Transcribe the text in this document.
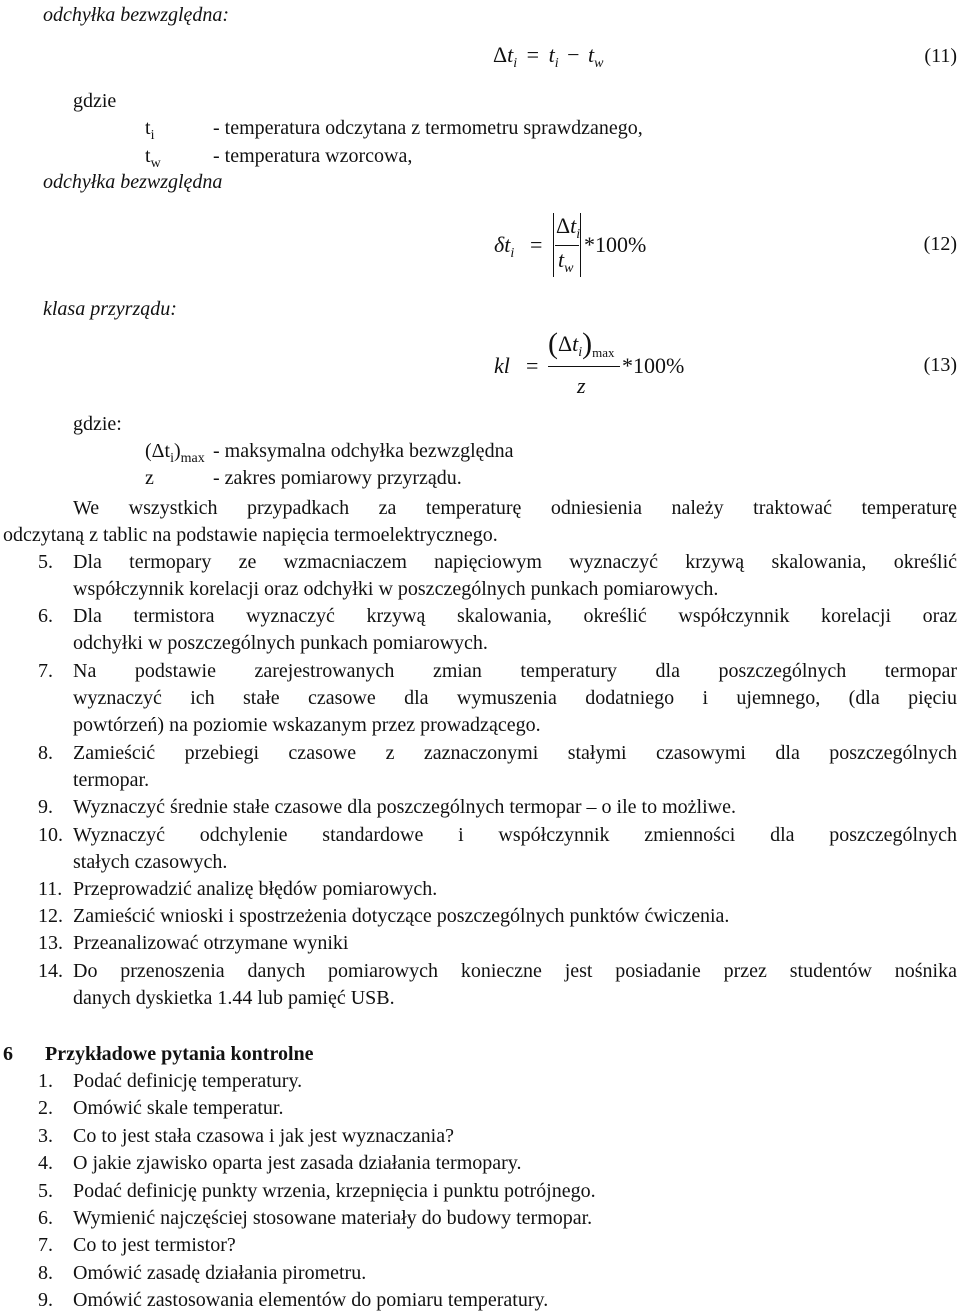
odchyłka bezwzględna:
$\Delta t_i = t_i - t_w$	(11)
gdzie
$t_i$	- temperatura odczytana z termometru sprawdzanego,
$t_w$	- temperatura wzorcowa,
odchyłka bezwzględna
$\delta t_i$ =
$\Delta t_i$
$t_w$
*100%	(12)
klasa przyrządu:
kl =
$(\Delta t_i)_{max}$
z
*100%	(13)
gdzie:
$(\Delta t_i)_{max}$ - maksymalna odchyłka bezwzględna
z	- zakres pomiarowy przyrządu.
We wszystkich przypadkach za temperaturę odniesienia należy traktować temperaturę
odczytaną z tablic na podstawie napięcia termoelektrycznego.
5. Dla termopary ze wzmacniaczem napięciowym wyznaczyć krzywą skalowania, określić
współczynnik korelacji oraz odchyłki w poszczególnych punkach pomiarowych.
6. Dla termistora wyznaczyć krzywą skalowania, określić współczynnik korelacji oraz
odchyłki w poszczególnych punkach pomiarowych.
7. Na podstawie zarejestrowanych zmian temperatury dla poszczególnych termopar
wyznaczyć ich stałe czasowe dla wymuszenia dodatniego i ujemnego, (dla pięciu
powtórzeń) na poziomie wskazanym przez prowadzącego.
8. Zamieścić przebiegi czasowe z zaznaczonymi stałymi czasowymi dla poszczególnych
termopar.
9. Wyznaczyć średnie stałe czasowe dla poszczególnych termopar – o ile to możliwe.
10. Wyznaczyć odchylenie standardowe i współczynnik zmienności dla poszczególnych
stałych czasowych.
11. Przeprowadzić analizę błędów pomiarowych.
12. Zamieścić wnioski i spostrzeżenia dotyczące poszczególnych punktów ćwiczenia.
13. Przeanalizować otrzymane wyniki
14. Do przenoszenia danych pomiarowych konieczne jest posiadanie przez studentów nośnika
danych dyskietka 1.44 lub pamięć USB.
6 Przykładowe pytania kontrolne
1. Podać definicję temperatury.
2. Omówić skale temperatur.
3. Co to jest stała czasowa i jak jest wyznaczania?
4. O jakie zjawisko oparta jest zasada działania termopary.
5. Podać definicję punkty wrzenia, krzepnięcia i punktu potrójnego.
6. Wymienić najczęściej stosowane materiały do budowy termopar.
7. Co to jest termistor?
8. Omówić zasadę działania pirometru.
9. Omówić zastosowania elementów do pomiaru temperatury.
